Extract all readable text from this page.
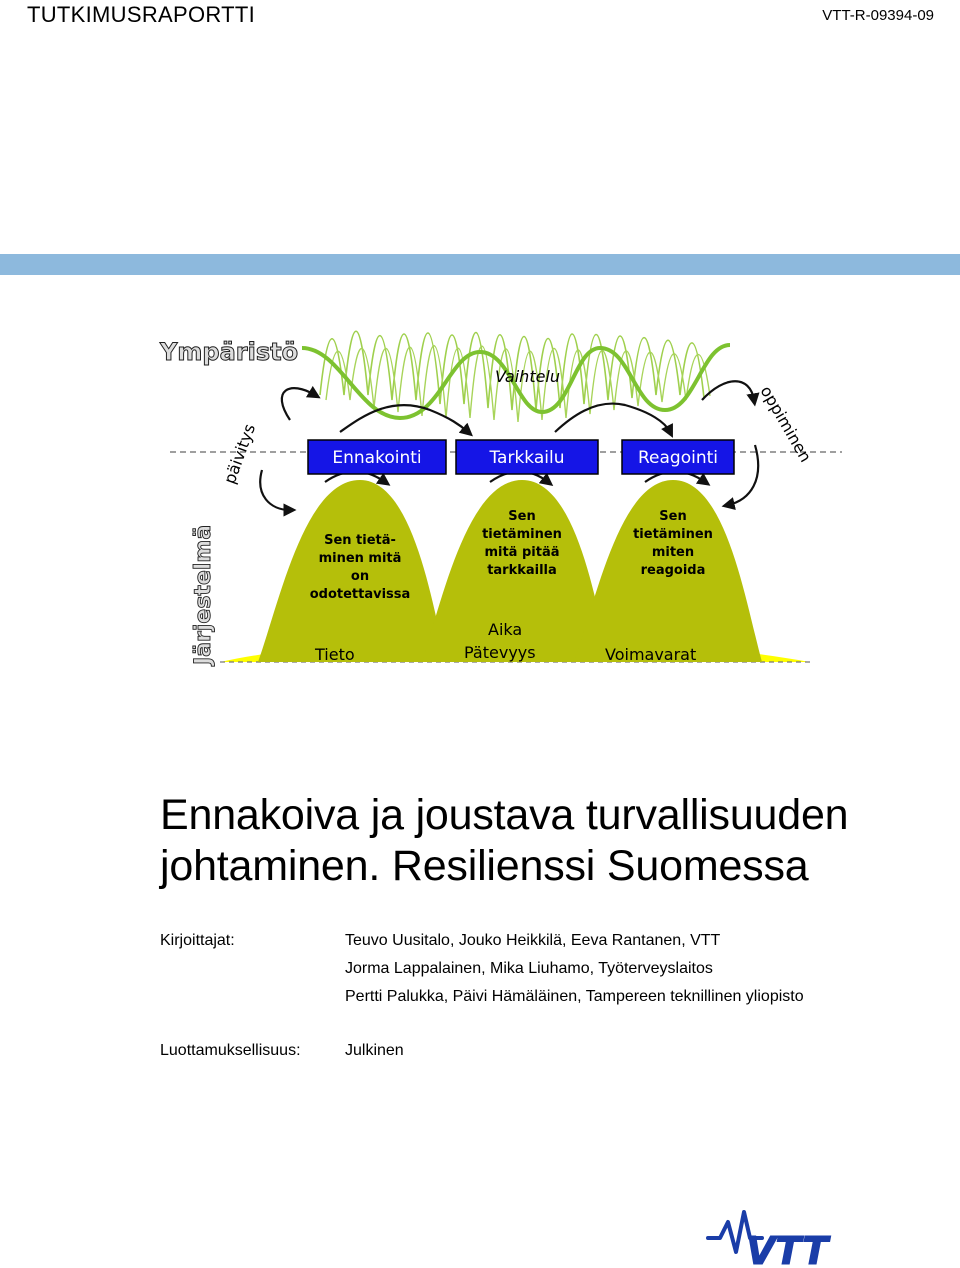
TUTKIMUSRAPORTTI	VTT-R-09394-09
Vaihtelu
Ympäristö
Järjestelmä
päivitys	oppiminen
Ennakointi	Tarkkailu	Reagointi
Sen tietä-
minen mitä
on
odotettavissa
Sen
tietäminen
mitä pitää
tarkkailla
Sen
tietäminen
miten
reagoida
Aika
Pätevyys
Tieto	Voimavarat
Ennakoiva ja joustava turvallisuuden
johtaminen. Resilienssi Suomessa
Kirjoittajat:	Teuvo Uusitalo, Jouko Heikkilä, Eeva Rantanen, VTT
Jorma Lappalainen, Mika Liuhamo, Työterveyslaitos
Pertti Palukka, Päivi Hämäläinen, Tampereen teknillinen yliopisto
Luottamuksellisuus:	Julkinen
VTT
